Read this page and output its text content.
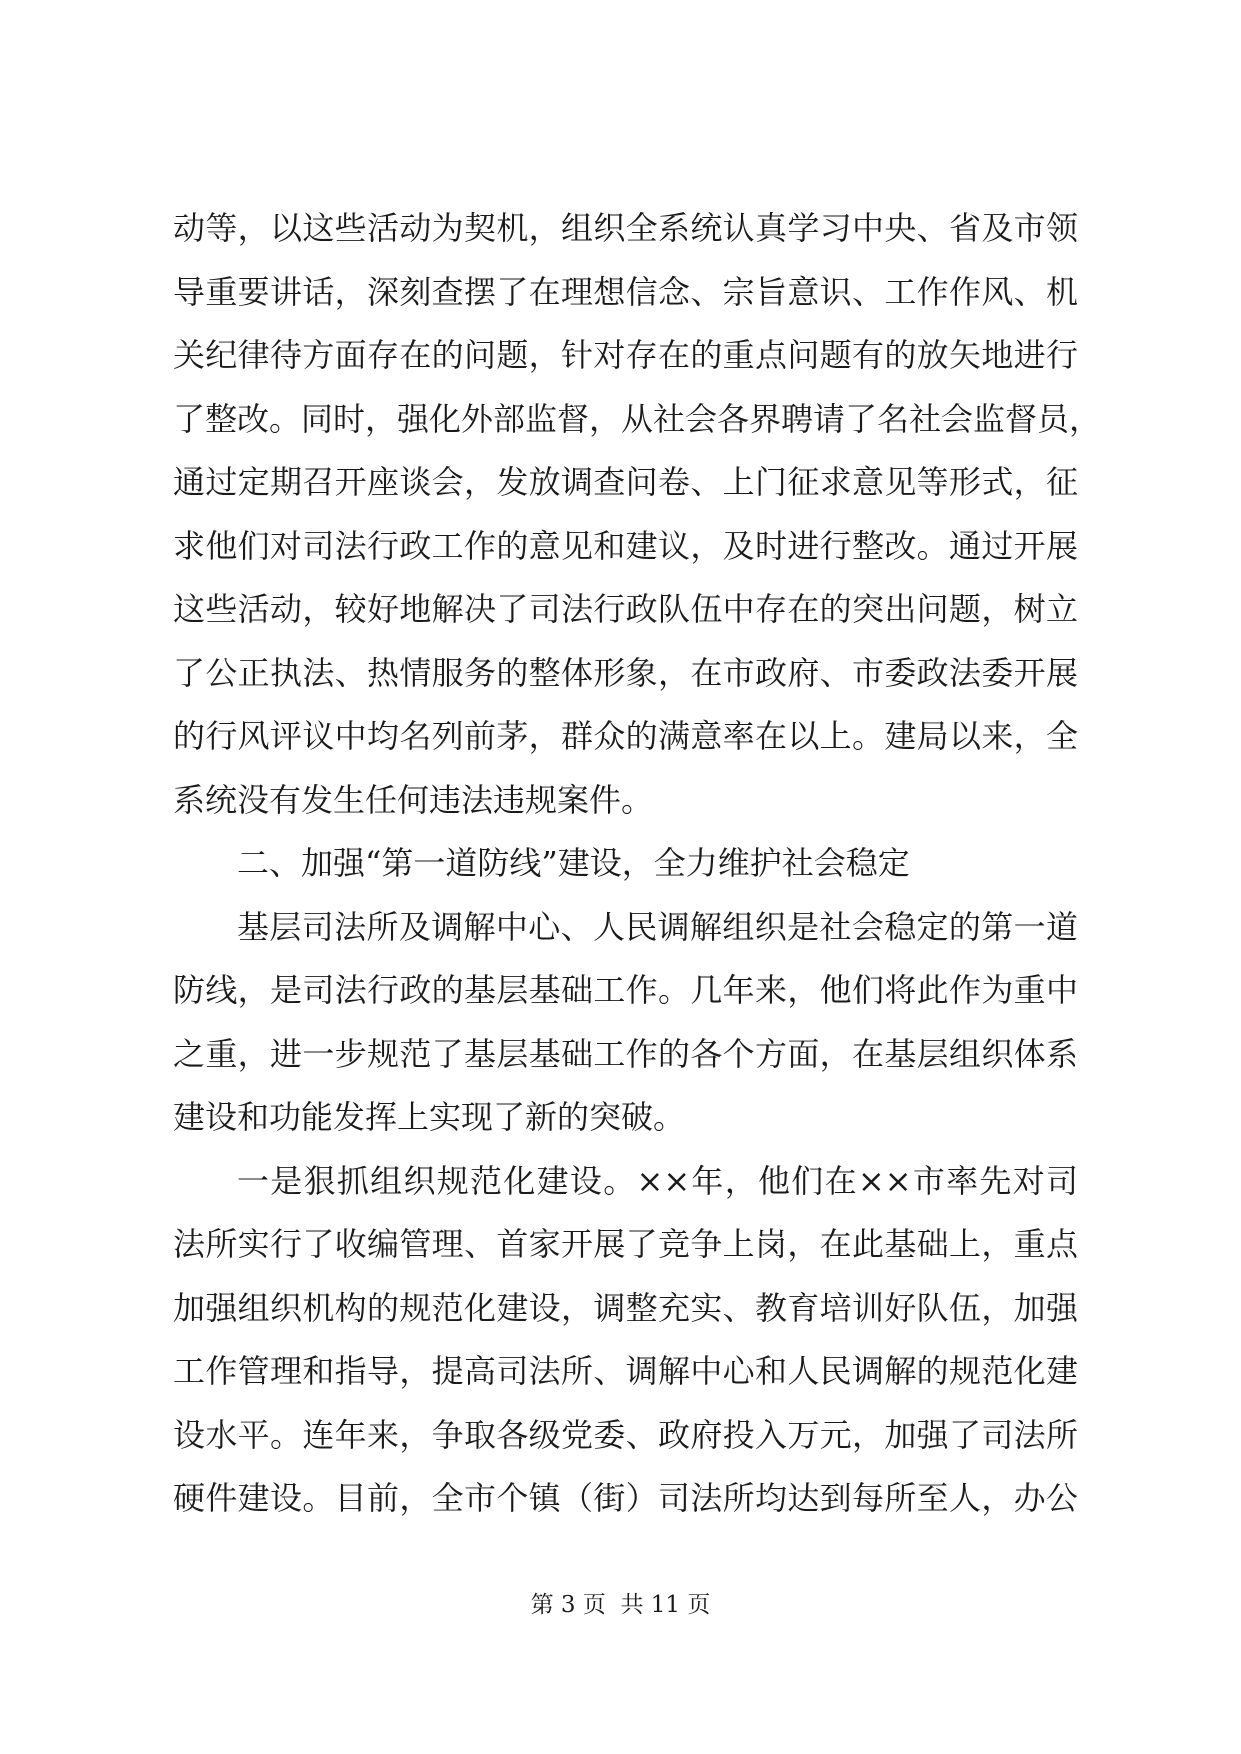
动等，以这些活动为契机，组织全系统认真学习中央、省及市领
导重要讲话，深刻查摆了在理想信念、宗旨意识、工作作风、机
关纪律待方面存在的问题，针对存在的重点问题有的放矢地进行
了整改。同时，强化外部监督，从社会各界聘请了名社会监督员，
通过定期召开座谈会，发放调查问卷、上门征求意见等形式，征
求他们对司法行政工作的意见和建议，及时进行整改。通过开展
这些活动，较好地解决了司法行政队伍中存在的突出问题，树立
了公正执法、热情服务的整体形象，在市政府、市委政法委开展
的行风评议中均名列前茅，群众的满意率在以上。建局以来，全
系统没有发生任何违法违规案件。
二、加强“第一道防线”建设，全力维护社会稳定
基层司法所及调解中心、人民调解组织是社会稳定的第一道
防线，是司法行政的基层基础工作。几年来，他们将此作为重中
之重，进一步规范了基层基础工作的各个方面，在基层组织体系
建设和功能发挥上实现了新的突破。
一是狠抓组织规范化建设。××年，他们在××市率先对司
法所实行了收编管理、首家开展了竞争上岗，在此基础上，重点
加强组织机构的规范化建设，调整充实、教育培训好队伍，加强
工作管理和指导，提高司法所、调解中心和人民调解的规范化建
设水平。连年来，争取各级党委、政府投入万元，加强了司法所
硬件建设。目前，全市个镇（街）司法所均达到每所至人，办公
第 3 页  共 11 页
